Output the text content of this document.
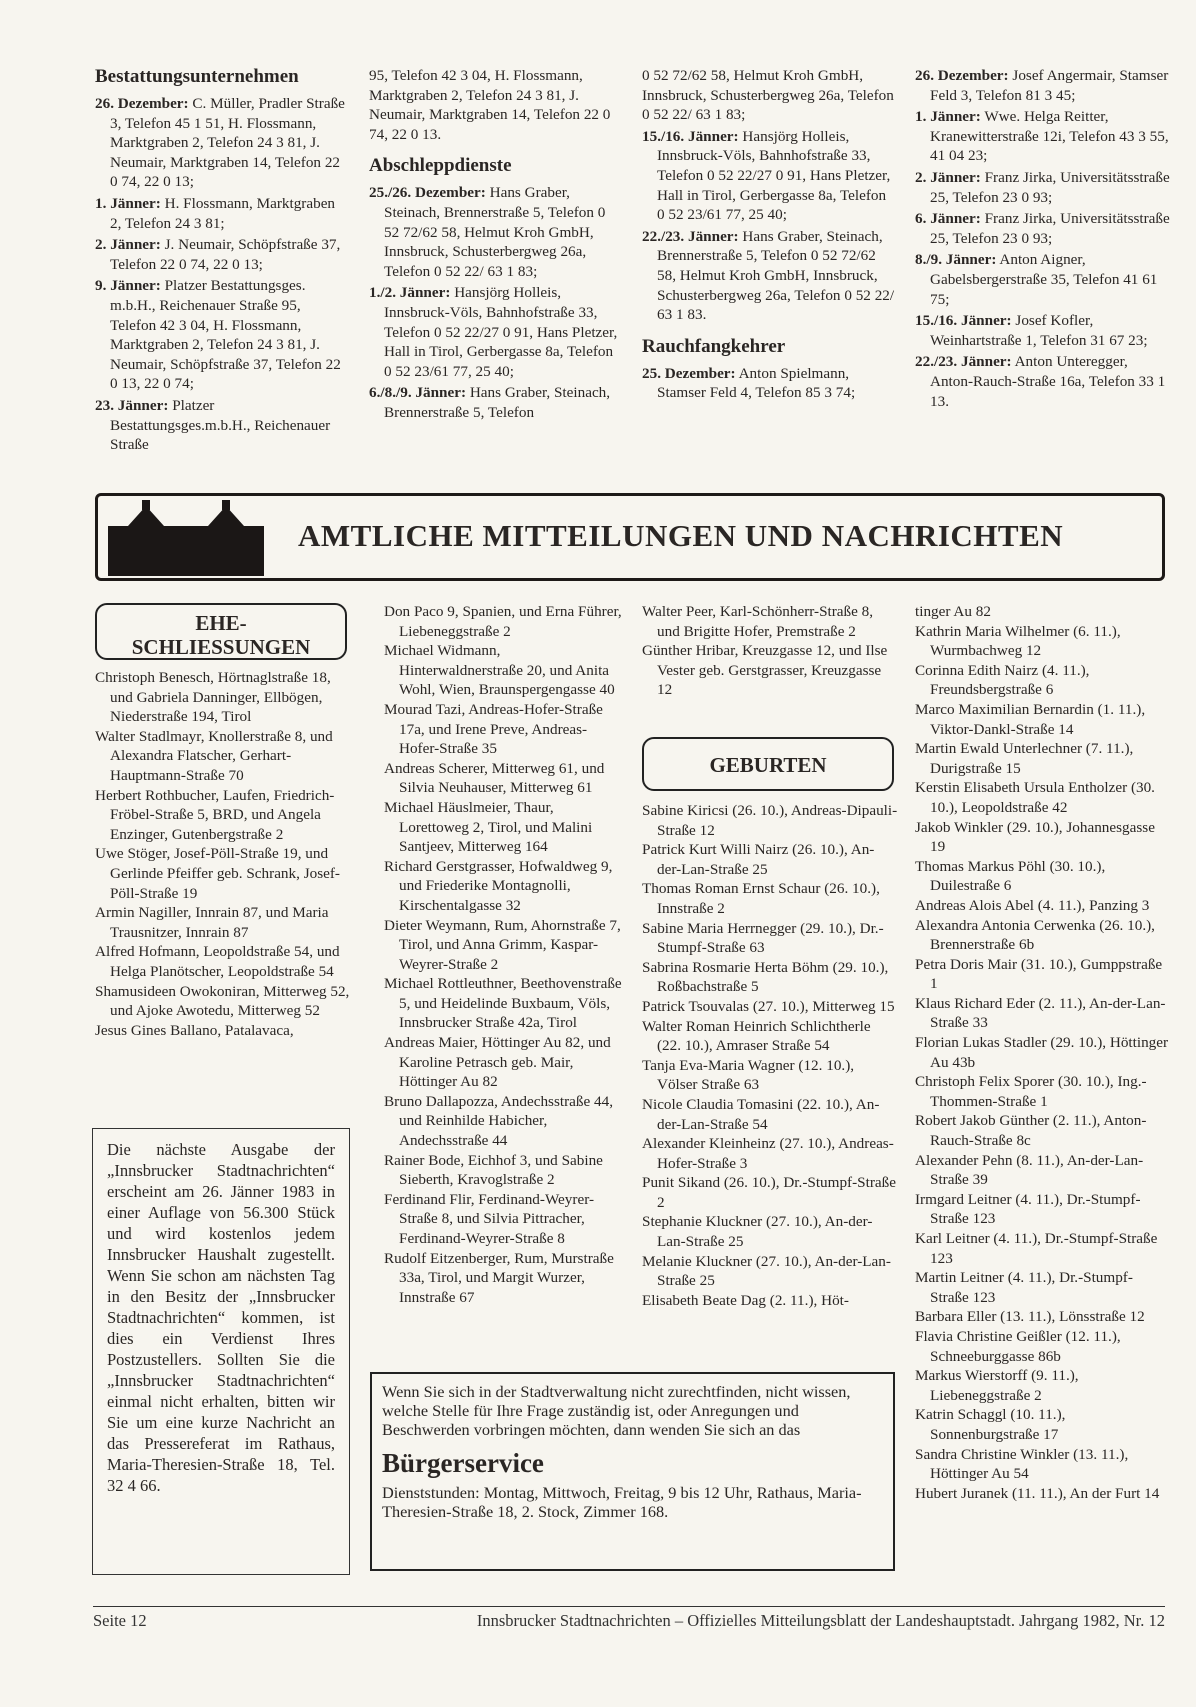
Bestattungsunternehmen

26. Dezember: C. Müller, Pradler Straße 3, Telefon 45 1 51, H. Flossmann, Marktgraben 2, Telefon 24 3 81, J. Neumair, Marktgraben 14, Telefon 22 0 74, 22 0 13;

1. Jänner: H. Flossmann, Marktgraben 2, Telefon 24 3 81;

2. Jänner: J. Neumair, Schöpfstraße 37, Telefon 22 0 74, 22 0 13;

9. Jänner: Platzer Bestattungsges. m.b.H., Reichenauer Straße 95, Telefon 42 3 04, H. Flossmann, Marktgraben 2, Telefon 24 3 81, J. Neumair, Schöpfstraße 37, Telefon 22 0 13, 22 0 74;

23. Jänner: Platzer Bestattungsges.m.b.H., Reichenauer Straße

95, Telefon 42 3 04, H. Flossmann, Marktgraben 2, Telefon 24 3 81, J. Neumair, Marktgraben 14, Telefon 22 0 74, 22 0 13.

Abschleppdienste

25./26. Dezember: Hans Graber, Steinach, Brennerstraße 5, Telefon 0 52 72/62 58, Helmut Kroh GmbH, Innsbruck, Schusterbergweg 26a, Telefon 0 52 22/ 63 1 83;

1./2. Jänner: Hansjörg Holleis, Innsbruck-Völs, Bahnhofstraße 33, Telefon 0 52 22/27 0 91, Hans Pletzer, Hall in Tirol, Gerbergasse 8a, Telefon 0 52 23/61 77, 25 40;

6./8./9. Jänner: Hans Graber, Steinach, Brennerstraße 5, Telefon

0 52 72/62 58, Helmut Kroh GmbH, Innsbruck, Schusterbergweg 26a, Telefon 0 52 22/ 63 1 83;

15./16. Jänner: Hansjörg Holleis, Innsbruck-Völs, Bahnhofstraße 33, Telefon 0 52 22/27 0 91, Hans Pletzer, Hall in Tirol, Gerbergasse 8a, Telefon 0 52 23/61 77, 25 40;

22./23. Jänner: Hans Graber, Steinach, Brennerstraße 5, Telefon 0 52 72/62 58, Helmut Kroh GmbH, Innsbruck, Schusterbergweg 26a, Telefon 0 52 22/ 63 1 83.

Rauchfangkehrer

25. Dezember: Anton Spielmann, Stamser Feld 4, Telefon 85 3 74;

26. Dezember: Josef Angermair, Stamser Feld 3, Telefon 81 3 45;

1. Jänner: Wwe. Helga Reitter, Kranewitterstraße 12i, Telefon 43 3 55, 41 04 23;

2. Jänner: Franz Jirka, Universitätsstraße 25, Telefon 23 0 93;

6. Jänner: Franz Jirka, Universitätsstraße 25, Telefon 23 0 93;

8./9. Jänner: Anton Aigner, Gabelsbergerstraße 35, Telefon 41 61 75;

15./16. Jänner: Josef Kofler, Weinhartstraße 1, Telefon 31 67 23;

22./23. Jänner: Anton Unteregger, Anton-Rauch-Straße 16a, Telefon 33 1 13.

AMTLICHE MITTEILUNGEN UND NACHRICHTEN
EHE-
SCHLIESSUNGEN

Christoph Benesch, Hörtnaglstraße 18, und Gabriela Danninger, Ellbögen, Niederstraße 194, Tirol

Walter Stadlmayr, Knollerstraße 8, und Alexandra Flatscher, Gerhart-Hauptmann-Straße 70

Herbert Rothbucher, Laufen, Friedrich-Fröbel-Straße 5, BRD, und Angela Enzinger, Gutenbergstraße 2

Uwe Stöger, Josef-Pöll-Straße 19, und Gerlinde Pfeiffer geb. Schrank, Josef-Pöll-Straße 19

Armin Nagiller, Innrain 87, und Maria Trausnitzer, Innrain 87

Alfred Hofmann, Leopoldstraße 54, und Helga Planötscher, Leopoldstraße 54

Shamusideen Owokoniran, Mitterweg 52, und Ajoke Awotedu, Mitterweg 52

Jesus Gines Ballano, Patalavaca,

Don Paco 9, Spanien, und Erna Führer, Liebeneggstraße 2

Michael Widmann, Hinterwaldnerstraße 20, und Anita Wohl, Wien, Braunspergengasse 40

Mourad Tazi, Andreas-Hofer-Straße 17a, und Irene Preve, Andreas-Hofer-Straße 35

Andreas Scherer, Mitterweg 61, und Silvia Neuhauser, Mitterweg 61

Michael Häuslmeier, Thaur, Lorettoweg 2, Tirol, und Malini Santjeev, Mitterweg 164

Richard Gerstgrasser, Hofwaldweg 9, und Friederike Montagnolli, Kirschentalgasse 32

Dieter Weymann, Rum, Ahornstraße 7, Tirol, und Anna Grimm, Kaspar-Weyrer-Straße 2

Michael Rottleuthner, Beethovenstraße 5, und Heidelinde Buxbaum, Völs, Innsbrucker Straße 42a, Tirol

Andreas Maier, Höttinger Au 82, und Karoline Petrasch geb. Mair, Höttinger Au 82

Bruno Dallapozza, Andechsstraße 44, und Reinhilde Habicher, Andechsstraße 44

Rainer Bode, Eichhof 3, und Sabine Sieberth, Kravoglstraße 2

Ferdinand Flir, Ferdinand-Weyrer-Straße 8, und Silvia Pittracher, Ferdinand-Weyrer-Straße 8

Rudolf Eitzenberger, Rum, Murstraße 33a, Tirol, und Margit Wurzer, Innstraße 67

Walter Peer, Karl-Schönherr-Straße 8, und Brigitte Hofer, Premstraße 2

Günther Hribar, Kreuzgasse 12, und Ilse Vester geb. Gerstgrasser, Kreuzgasse 12

Die nächste Ausgabe der „Innsbrucker Stadtnachrichten“ erscheint am 26. Jänner 1983 in einer Auflage von 56.300 Stück und wird kostenlos jedem Innsbrucker Haushalt zugestellt. Wenn Sie schon am nächsten Tag in den Besitz der „Innsbrucker Stadtnachrichten“ kommen, ist dies ein Verdienst Ihres Postzustellers. Sollten Sie die „Innsbrucker Stadtnachrichten“ einmal nicht erhalten, bitten wir Sie um eine kurze Nachricht an das Pressereferat im Rathaus, Maria-Theresien-Straße 18, Tel. 32 4 66.
GEBURTEN

Sabine Kiricsi (26. 10.), Andreas-Dipauli-Straße 12

Patrick Kurt Willi Nairz (26. 10.), An-der-Lan-Straße 25

Thomas Roman Ernst Schaur (26. 10.), Innstraße 2

Sabine Maria Herrnegger (29. 10.), Dr.-Stumpf-Straße 63

Sabrina Rosmarie Herta Böhm (29. 10.), Roßbachstraße 5

Patrick Tsouvalas (27. 10.), Mitterweg 15

Walter Roman Heinrich Schlichtherle (22. 10.), Amraser Straße 54

Tanja Eva-Maria Wagner (12. 10.), Völser Straße 63

Nicole Claudia Tomasini (22. 10.), An-der-Lan-Straße 54

Alexander Kleinheinz (27. 10.), Andreas-Hofer-Straße 3

Punit Sikand (26. 10.), Dr.-Stumpf-Straße 2

Stephanie Kluckner (27. 10.), An-der-Lan-Straße 25

Melanie Kluckner (27. 10.), An-der-Lan-Straße 25

Elisabeth Beate Dag (2. 11.), Höt-

tinger Au 82

Kathrin Maria Wilhelmer (6. 11.), Wurmbachweg 12

Corinna Edith Nairz (4. 11.), Freundsbergstraße 6

Marco Maximilian Bernardin (1. 11.), Viktor-Dankl-Straße 14

Martin Ewald Unterlechner (7. 11.), Durigstraße 15

Kerstin Elisabeth Ursula Entholzer (30. 10.), Leopoldstraße 42

Jakob Winkler (29. 10.), Johannesgasse 19

Thomas Markus Pöhl (30. 10.), Duilestraße 6

Andreas Alois Abel (4. 11.), Panzing 3

Alexandra Antonia Cerwenka (26. 10.), Brennerstraße 6b

Petra Doris Mair (31. 10.), Gumppstraße 1

Klaus Richard Eder (2. 11.), An-der-Lan-Straße 33

Florian Lukas Stadler (29. 10.), Höttinger Au 43b

Christoph Felix Sporer (30. 10.), Ing.-Thommen-Straße 1

Robert Jakob Günther (2. 11.), Anton-Rauch-Straße 8c

Alexander Pehn (8. 11.), An-der-Lan-Straße 39

Irmgard Leitner (4. 11.), Dr.-Stumpf-Straße 123

Karl Leitner (4. 11.), Dr.-Stumpf-Straße 123

Martin Leitner (4. 11.), Dr.-Stumpf-Straße 123

Barbara Eller (13. 11.), Lönsstraße 12

Flavia Christine Geißler (12. 11.), Schneeburggasse 86b

Markus Wierstorff (9. 11.), Liebeneggstraße 2

Katrin Schaggl (10. 11.), Sonnenburgstraße 17

Sandra Christine Winkler (13. 11.), Höttinger Au 54

Hubert Juranek (11. 11.), An der Furt 14

Wenn Sie sich in der Stadtverwaltung nicht zurechtfinden, nicht wissen, welche Stelle für Ihre Frage zuständig ist, oder Anregungen und Beschwerden vorbringen möchten, dann wenden Sie sich an das
Bürgerservice
Dienststunden: Montag, Mittwoch, Freitag, 9 bis 12 Uhr, Rathaus, Maria-Theresien-Straße 18, 2. Stock, Zimmer 168.
Seite 12	Innsbrucker Stadtnachrichten – Offizielles Mitteilungsblatt der Landeshauptstadt. Jahrgang 1982, Nr. 12
